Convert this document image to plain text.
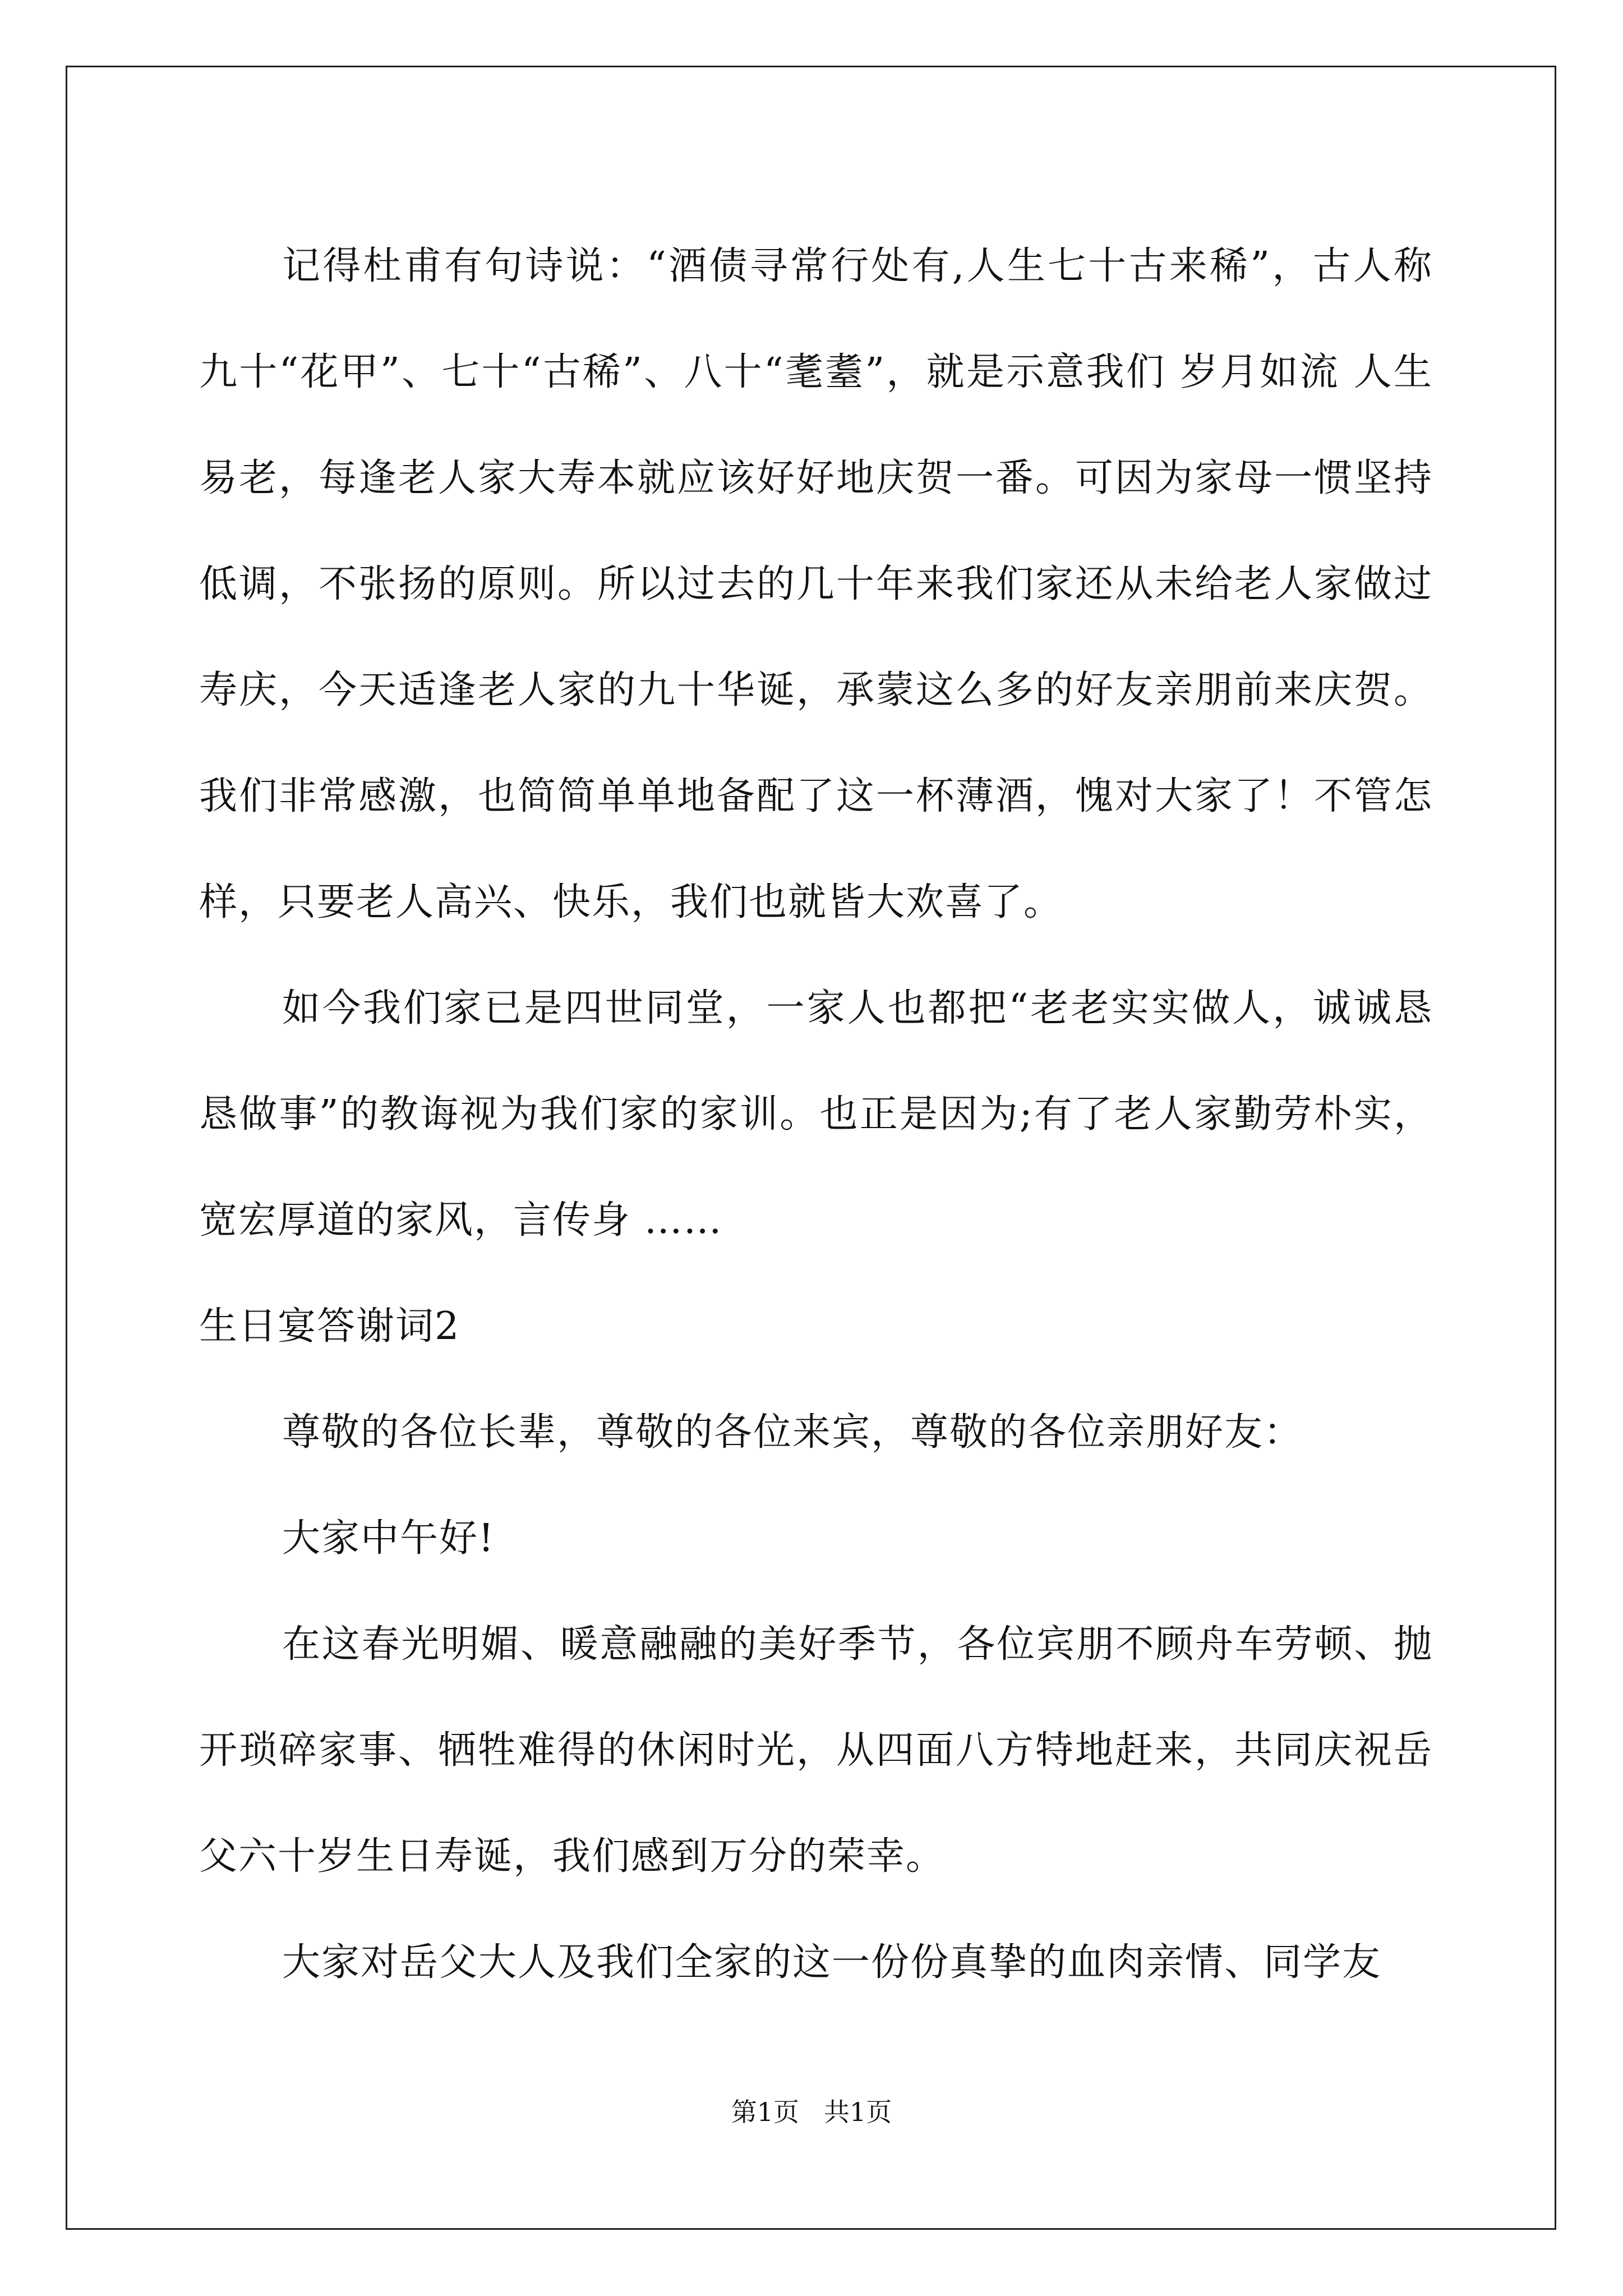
记得杜甫有句诗说：“酒债寻常行处有,人生七十古来稀”，古人称九十“花甲”、七十“古稀”、八十“耄耋”，就是示意我们 岁月如流 人生易老，每逢老人家大寿本就应该好好地庆贺一番。可因为家母一惯坚持低调，不张扬的原则。所以过去的几十年来我们家还从未给老人家做过寿庆，今天适逢老人家的九十华诞，承蒙这么多的好友亲朋前来庆贺。我们非常感激，也简简单单地备配了这一杯薄酒，愧对大家了！不管怎样，只要老人高兴、快乐，我们也就皆大欢喜了。

如今我们家已是四世同堂，一家人也都把“老老实实做人，诚诚恳恳做事”的教诲视为我们家的家训。也正是因为;有了老人家勤劳朴实，宽宏厚道的家风，言传身 ……

生日宴答谢词2

尊敬的各位长辈，尊敬的各位来宾，尊敬的各位亲朋好友：

大家中午好!

在这春光明媚、暖意融融的美好季节，各位宾朋不顾舟车劳顿、抛开琐碎家事、牺牲难得的休闲时光，从四面八方特地赶来，共同庆祝岳父六十岁生日寿诞，我们感到万分的荣幸。

大家对岳父大人及我们全家的这一份份真挚的血肉亲情、同学友

第1页 共1页
